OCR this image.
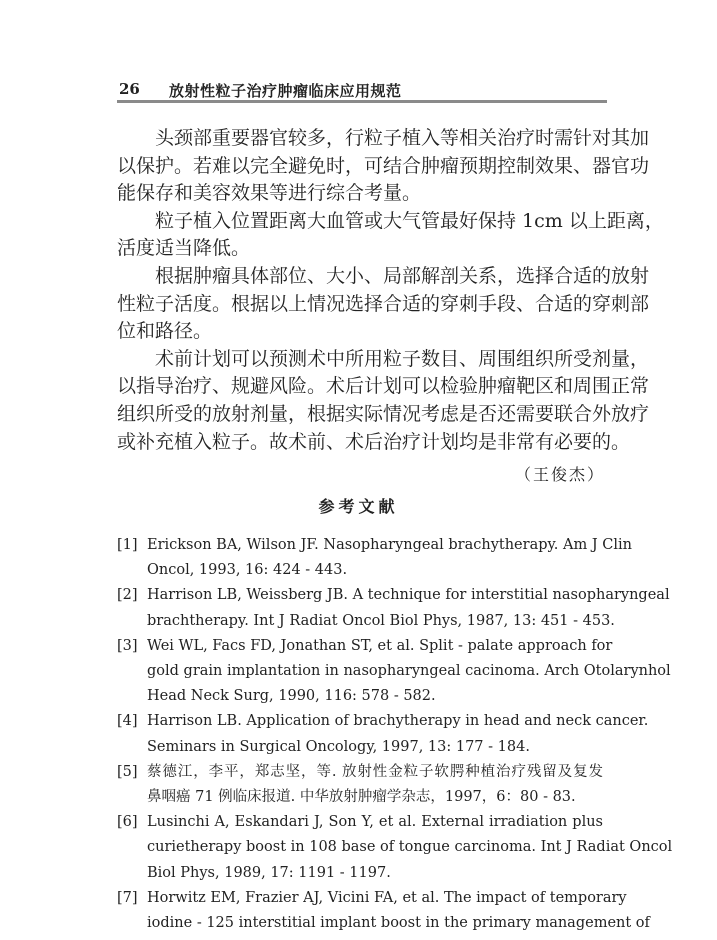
26 放射性粒子治疗肿瘤临床应用规范
头颈部重要器官较多，行粒子植入等相关治疗时需针对其加
以保护。若难以完全避免时，可结合肿瘤预期控制效果、器官功
能保存和美容效果等进行综合考量。
粒子植入位置距离大血管或大气管最好保持 1cm 以上距离，
活度适当降低。
根据肿瘤具体部位、大小、局部解剖关系，选择合适的放射
性粒子活度。根据以上情况选择合适的穿刺手段、合适的穿刺部
位和路径。
术前计划可以预测术中所用粒子数目、周围组织所受剂量，
以指导治疗、规避风险。术后计划可以检验肿瘤靶区和周围正常
组织所受的放射剂量，根据实际情况考虑是否还需要联合外放疗
或补充植入粒子。故术前、术后治疗计划均是非常有必要的。
（王俊杰）
参考文献
[1] Erickson BA, Wilson JF. Nasopharyngeal brachytherapy. Am J Clin
Oncol, 1993, 16: 424 - 443.
[2] Harrison LB, Weissberg JB. A technique for interstitial nasopharyngeal
brachtherapy. Int J Radiat Oncol Biol Phys, 1987, 13: 451 - 453.
[3] Wei WL, Facs FD, Jonathan ST, et al. Split - palate approach for
gold grain implantation in nasopharyngeal cacinoma. Arch Otolarynhol
Head Neck Surg, 1990, 116: 578 - 582.
[4] Harrison LB. Application of brachytherapy in head and neck cancer.
Seminars in Surgical Oncology, 1997, 13: 177 - 184.
[5] 蔡德江，李平，郑志坚，等. 放射性金粒子软腭种植治疗残留及复发
鼻咽癌 71 例临床报道. 中华放射肿瘤学杂志，1997，6：80 - 83.
[6] Lusinchi A, Eskandari J, Son Y, et al. External irradiation plus
curietherapy boost in 108 base of tongue carcinoma. Int J Radiat Oncol
Biol Phys, 1989, 17: 1191 - 1197.
[7] Horwitz EM, Frazier AJ, Vicini FA, et al. The impact of temporary
iodine - 125 interstitial implant boost in the primary management of
